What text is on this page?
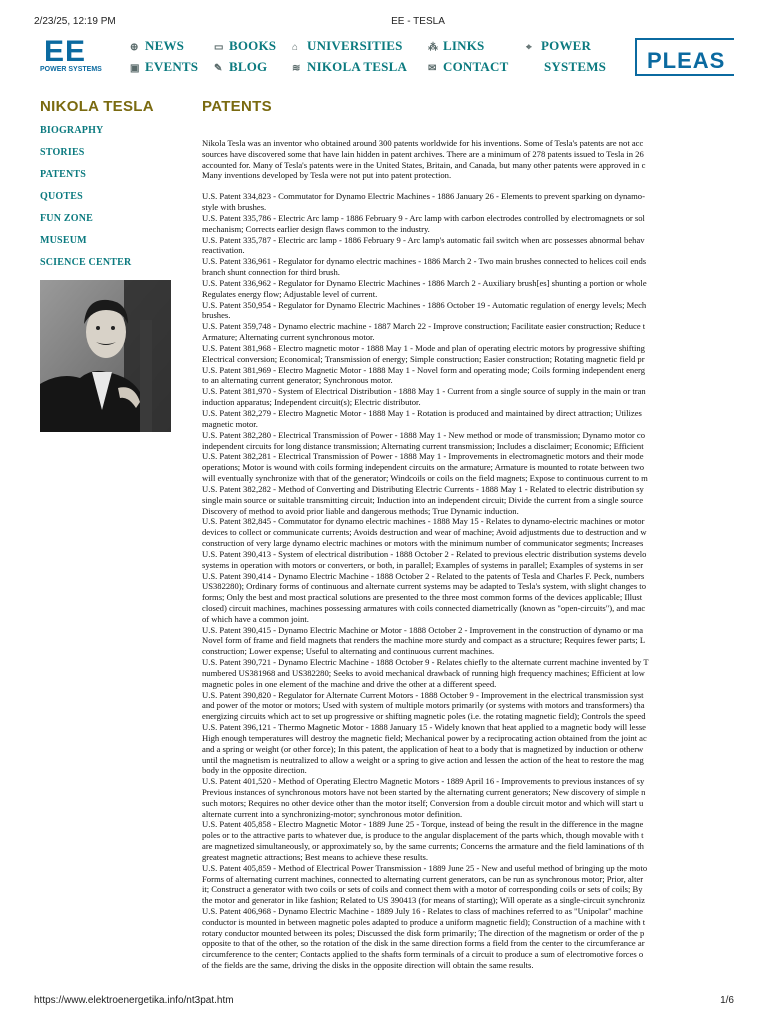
2/23/25, 12:19 PM	EE - TESLA
EE
POWER SYSTEMS
⊕ NEWS	▭ BOOKS ⌂ UNIVERSITIES	⁂ LINKS	⌖ POWER
▣ EVENTS ✎ BLOG ≋ NIKOLA TESLA ✉ CONTACT	SYSTEMS	PLEAS
NIKOLA TESLA
BIOGRAPHY
STORIES
PATENTS
QUOTES
FUN ZONE
MUSEUM
SCIENCE CENTER
PATENTS
Nikola Tesla was an inventor who obtained around 300 patents worldwide for his inventions. Some of Tesla's patents are not acc
sources have discovered some that have lain hidden in patent archives. There are a minimum of 278 patents issued to Tesla in 26
accounted for. Many of Tesla's patents were in the United States, Britain, and Canada, but many other patents were approved in c
Many inventions developed by Tesla were not put into patent protection.
U.S. Patent 334,823 - Commutator for Dynamo Electric Machines - 1886 January 26 - Elements to prevent sparking on dynamo-
style with brushes.
U.S. Patent 335,786 - Electric Arc lamp - 1886 February 9 - Arc lamp with carbon electrodes controlled by electromagnets or sol
mechanism; Corrects earlier design flaws common to the industry.
U.S. Patent 335,787 - Electric arc lamp - 1886 February 9 - Arc lamp's automatic fail switch when arc possesses abnormal behav
reactivation.
U.S. Patent 336,961 - Regulator for dynamo electric machines - 1886 March 2 - Two main brushes connected to helices coil ends
branch shunt connection for third brush.
U.S. Patent 336,962 - Regulator for Dynamo Electric Machines - 1886 March 2 - Auxiliary brush[es] shunting a portion or whole
Regulates energy flow; Adjustable level of current.
U.S. Patent 350,954 - Regulator for Dynamo Electric Machines - 1886 October 19 - Automatic regulation of energy levels; Mech
brushes.
U.S. Patent 359,748 - Dynamo electric machine - 1887 March 22 - Improve construction; Facilitate easier construction; Reduce t
Armature; Alternating current synchronous motor.
U.S. Patent 381,968 - Electro magnetic motor - 1888 May 1 - Mode and plan of operating electric motors by progressive shifting
Electrical conversion; Economical; Transmission of energy; Simple construction; Easier construction; Rotating magnetic field pr
U.S. Patent 381,969 - Electro Magnetic Motor - 1888 May 1 - Novel form and operating mode; Coils forming independent energ
to an alternating current generator; Synchronous motor.
U.S. Patent 381,970 - System of Electrical Distribution - 1888 May 1 - Current from a single source of supply in the main or tran
induction apparatus; Independent circuit(s); Electric distributor.
U.S. Patent 382,279 - Electro Magnetic Motor - 1888 May 1 - Rotation is produced and maintained by direct attraction; Utilizes
magnetic motor.
U.S. Patent 382,280 - Electrical Transmission of Power - 1888 May 1 - New method or mode of transmission; Dynamo motor co
independent circuits for long distance transmission; Alternating current transmission; Includes a disclaimer; Economic; Efficient
U.S. Patent 382,281 - Electrical Transmission of Power - 1888 May 1 - Improvements in electromagnetic motors and their mode
operations; Motor is wound with coils forming independent circuits on the armature; Armature is mounted to rotate between two
will eventually synchronize with that of the generator; Windcoils or coils on the field magnets; Expose to continuous current to m
U.S. Patent 382,282 - Method of Converting and Distributing Electric Currents - 1888 May 1 - Related to electric distribution sy
single main source or suitable transmitting circuit; Induction into an independent circuit; Divide the current from a single source
Discovery of method to avoid prior liable and dangerous methods; True Dynamic induction.
U.S. Patent 382,845 - Commutator for dynamo electric machines - 1888 May 15 - Relates to dynamo-electric machines or motor
devices to collect or communicate currents; Avoids destruction and wear of machine; Avoid adjustments due to destruction and w
construction of very large dynamo electric machines or motors with the minimum number of communicator segments; Increases
U.S. Patent 390,413 - System of electrical distribution - 1888 October 2 - Related to previous electric distribution systems develo
systems in operation with motors or converters, or both, in parallel; Examples of systems in parallel; Examples of systems in ser
U.S. Patent 390,414 - Dynamo Electric Machine - 1888 October 2 - Related to the patents of Tesla and Charles F. Peck, numbers
US382280); Ordinary forms of continuous and alternate current systems may be adapted to Tesla's system, with slight changes to
forms; Only the best and most practical solutions are presented to the three most common forms of the devices applicable; Illust
closed) circuit machines, machines possessing armatures with coils connected diametrically (known as "open-circuits"), and mac
of which have a common joint.
U.S. Patent 390,415 - Dynamo Electric Machine or Motor - 1888 October 2 - Improvement in the construction of dynamo or ma
Novel form of frame and field magnets that renders the machine more sturdy and compact as a structure; Requires fewer parts; L
construction; Lower expense; Useful to alternating and continuous current machines.
U.S. Patent 390,721 - Dynamo Electric Machine - 1888 October 9 - Relates chiefly to the alternate current machine invented by T
numbered US381968 and US382280; Seeks to avoid mechanical drawback of running high frequency machines; Efficient at low
magnetic poles in one element of the machine and drive the other at a different speed.
U.S. Patent 390,820 - Regulator for Alternate Current Motors - 1888 October 9 - Improvement in the electrical transmission syst
and power of the motor or motors; Used with system of multiple motors primarily (or systems with motors and transformers) tha
energizing circuits which act to set up progressive or shifting magnetic poles (i.e. the rotating magnetic field); Controls the speed
U.S. Patent 396,121 - Thermo Magnetic Motor - 1888 January 15 - Widely known that heat applied to a magnetic body will lesse
High enough temperatures will destroy the magnetic field; Mechanical power by a reciprocating action obtained from the joint ac
and a spring or weight (or other force); In this patent, the application of heat to a body that is magnetized by induction or otherw
until the magnetism is neutralized to allow a weight or a spring to give action and lessen the action of the heat to restore the mag
body in the opposite direction.
U.S. Patent 401,520 - Method of Operating Electro Magnetic Motors - 1889 April 16 - Improvements to previous instances of sy
Previous instances of synchronous motors have not been started by the alternating current generators; New discovery of simple n
such motors; Requires no other device other than the motor itself; Conversion from a double circuit motor and which will start u
alternate current into a synchronizing-motor; synchronous motor definition.
U.S. Patent 405,858 - Electro Magnetic Motor - 1889 June 25 - Torque, instead of being the result in the difference in the magne
poles or to the attractive parts to whatever due, is produce to the angular displacement of the parts which, though movable with t
are magnetized simultaneously, or approximately so, by the same currents; Concerns the armature and the field laminations of th
greatest magnetic attractions; Best means to achieve these results.
U.S. Patent 405,859 - Method of Electrical Power Transmission - 1889 June 25 - New and useful method of bringing up the moto
Forms of alternating current machines, connected to alternating current generators, can be run as synchronous motor; Prior, alter
it; Construct a generator with two coils or sets of coils and connect them with a motor of corresponding coils or sets of coils; By
the motor and generator in like fashion; Related to US 390413 (for means of starting); Will operate as a single-circuit synchroniz
U.S. Patent 406,968 - Dynamo Electric Machine - 1889 July 16 - Relates to class of machines referred to as "Unipolar" machine
conductor is mounted in between magnetic poles adapted to produce a uniform magnetic field); Construction of a machine with t
rotary conductor mounted between its poles; Discussed the disk form primarily; The direction of the magnetism or order of the p
opposite to that of the other, so the rotation of the disk in the same direction forms a field from the center to the circumferance ar
circumference to the center; Contacts applied to the shafts form terminals of a circuit to produce a sum of electromotive forces o
of the fields are the same, driving the disks in the opposite direction will obtain the same results.
https://www.elektroenergetika.info/nt3pat.htm	1/6
